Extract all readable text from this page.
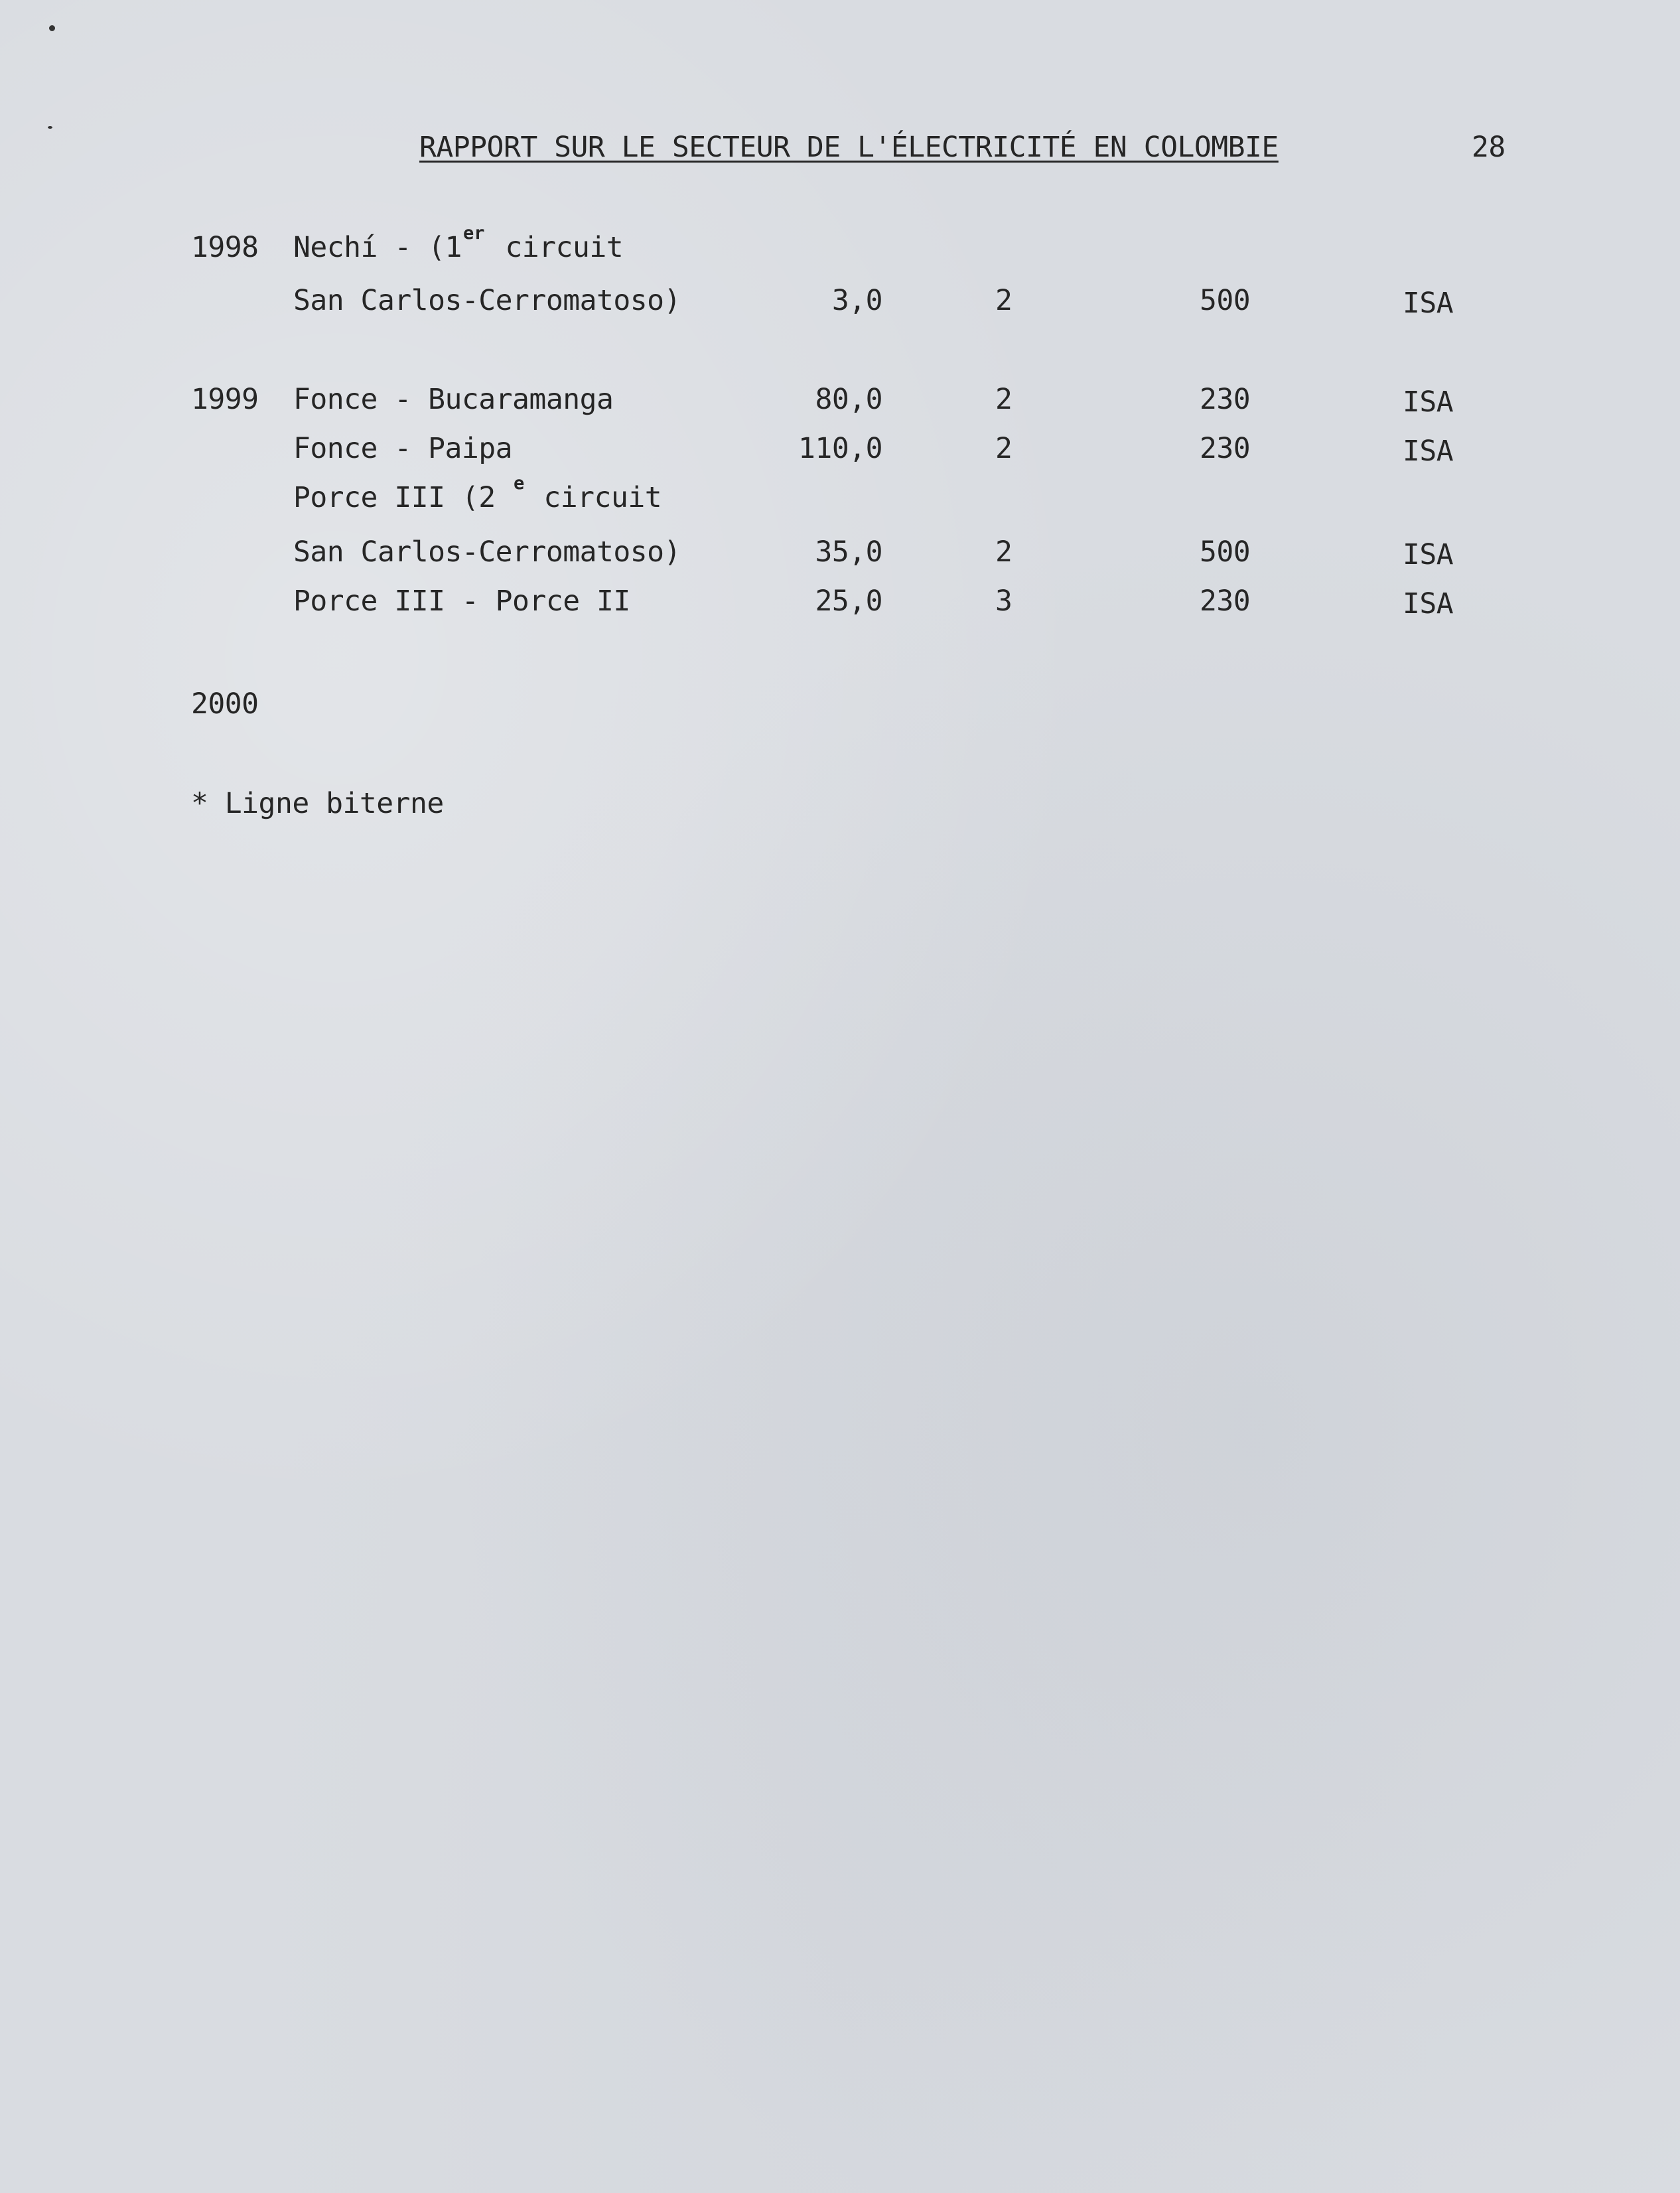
RAPPORT SUR LE SECTEUR DE L'ÉLECTRICITÉ EN COLOMBIE	28
1998 Nechí - (1 er circuit
San Carlos-Cerromatoso)	3,0	2	500	ISA
1999 Fonce - Bucaramanga	80,0	2	230	ISA
Fonce - Paipa	110,0	2	230	ISA
Porce III (2 e circuit
San Carlos-Cerromatoso)	35,0	2	500	ISA
Porce III - Porce II	25,0	3	230	ISA
2000
* Ligne biterne
